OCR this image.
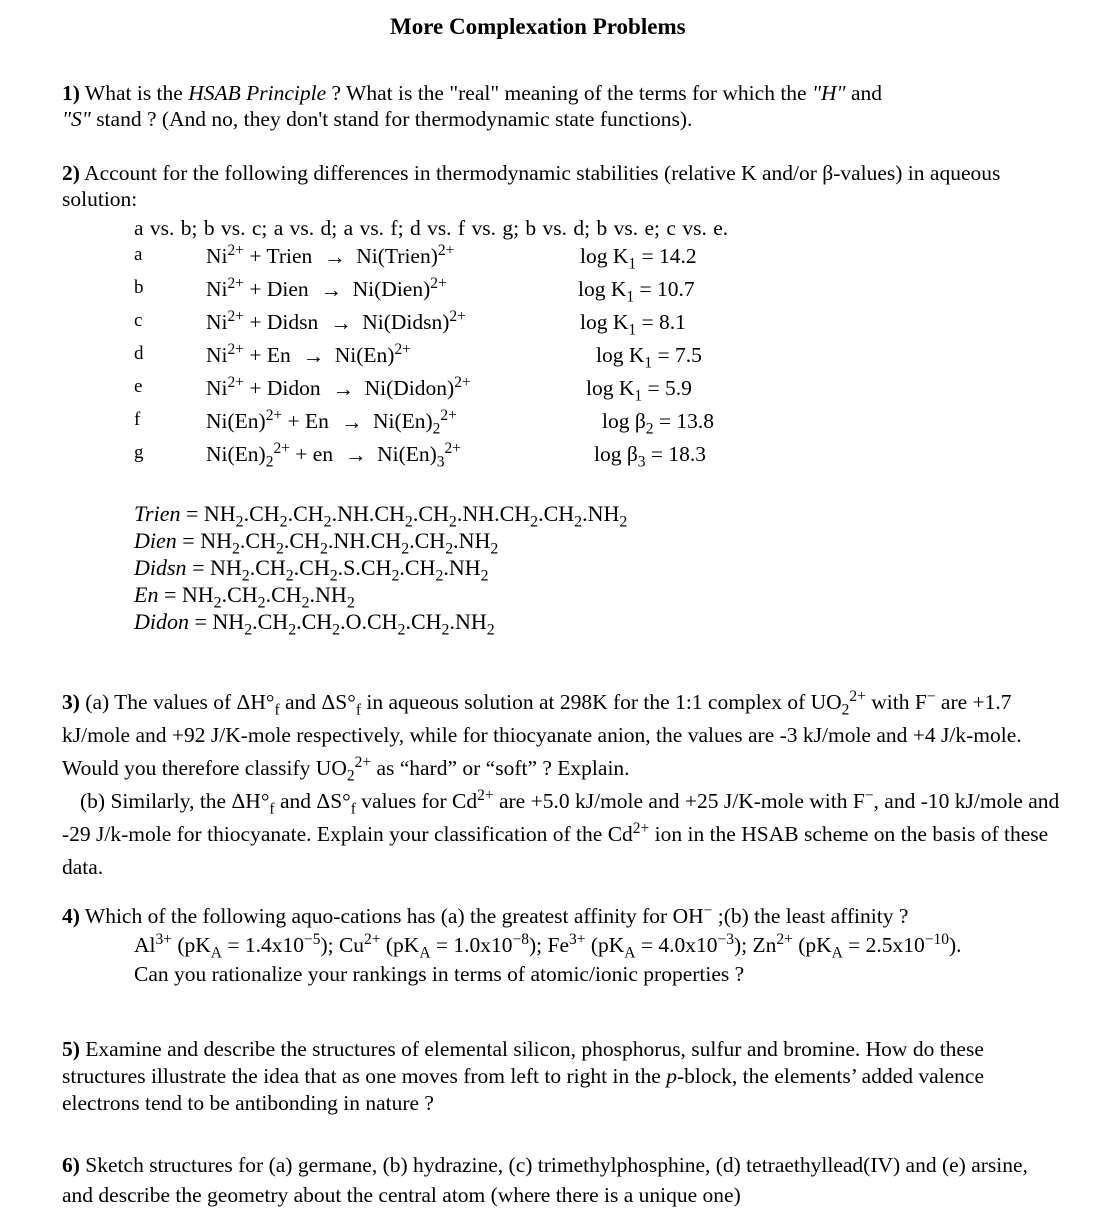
More Complexation Problems
1) What is the HSAB Principle ? What is the "real" meaning of the terms for which the "H" and
"S" stand ? (And no, they don't stand for thermodynamic state functions).
2) Account for the following differences in thermodynamic stabilities (relative K and/or β-values) in aqueous solution:
a vs. b; b vs. c; a vs. d; a vs. f; d vs. f vs. g; b vs. d; b vs. e; c vs. e.
a	$Ni^{2+}$ + Trien → Ni(Trien)$^{2+}$	$\log K_1 = 14.2$
b	$Ni^{2+}$ + Dien → Ni(Dien)$^{2+}$	$\log K_1 = 10.7$
c	$Ni^{2+}$ + Didsn → Ni(Didsn)$^{2+}$	$\log K_1 = 8.1$
d	$Ni^{2+} + En \to Ni(En)^{2+}$	$\log K_1 = 7.5$
e	$Ni^{2+}$ + Didon → Ni(Didon)$^{2+}$	$\log K_1 = 5.9$
f	$Ni(En)^{2+} + En \to Ni(En)_2^{2+}$	$\log \beta_2 = 13.8$
g	$Ni(En)_2^{2+}$ + en → $Ni(En)_3^{2+}$	$\log \beta_3 = 18.3$
Trien = $NH_2.CH_2.CH_2.NH.CH_2.CH_2.NH.CH_2.CH_2.NH_2$
Dien = $NH_2.CH_2.CH_2.NH.CH_2.CH_2.NH_2$
Didsn = $NH_2.CH_2.CH_2.S.CH_2.CH_2.NH_2$
$En = NH_2.CH_2.CH_2.NH_2$
Didon = $NH_2.CH_2.CH_2.O.CH_2.CH_2.NH_2$
3) (a) The values of $\Delta H^\circ_f$ and $\Delta S^\circ_f$ in aqueous solution at 298K for the 1:1 complex of $UO_2^{2+}$ with F− are +1.7 kJ/mole and +92 J/K-mole respectively, while for thiocyanate anion, the values are -3 kJ/mole and +4 J/k-mole. Would you therefore classify $UO_2^{2+}$ as “hard” or “soft” ? Explain.
(b) Similarly, the $\Delta H^\circ_f$ and $\Delta S^\circ_f$ values for $Cd^{2+}$ are +5.0 kJ/mole and +25 J/K-mole with F−, and -10 kJ/mole and -29 J/k-mole for thiocyanate. Explain your classification of the $Cd^{2+}$ ion in the HSAB scheme on the basis of these data.
4) Which of the following aquo-cations has (a) the greatest affinity for OH− ;(b) the least affinity ?
$Al^{3+}$ $(pK_A = 1.4x10^{-5})$; $Cu^{2+}$ $(pK_A = 1.0x10^{-8})$; $Fe^{3+}$ $(pK_A = 4.0x10^{-3})$; $Zn^{2+}$ $(pK_A = 2.5x10^{-10})$.
Can you rationalize your rankings in terms of atomic/ionic properties ?
5) Examine and describe the structures of elemental silicon, phosphorus, sulfur and bromine. How do these structures illustrate the idea that as one moves from left to right in the p-block, the elements’ added valence electrons tend to be antibonding in nature ?
6) Sketch structures for (a) germane, (b) hydrazine, (c) trimethylphosphine, (d) tetraethyllead(IV) and (e) arsine, and describe the geometry about the central atom (where there is a unique one)
